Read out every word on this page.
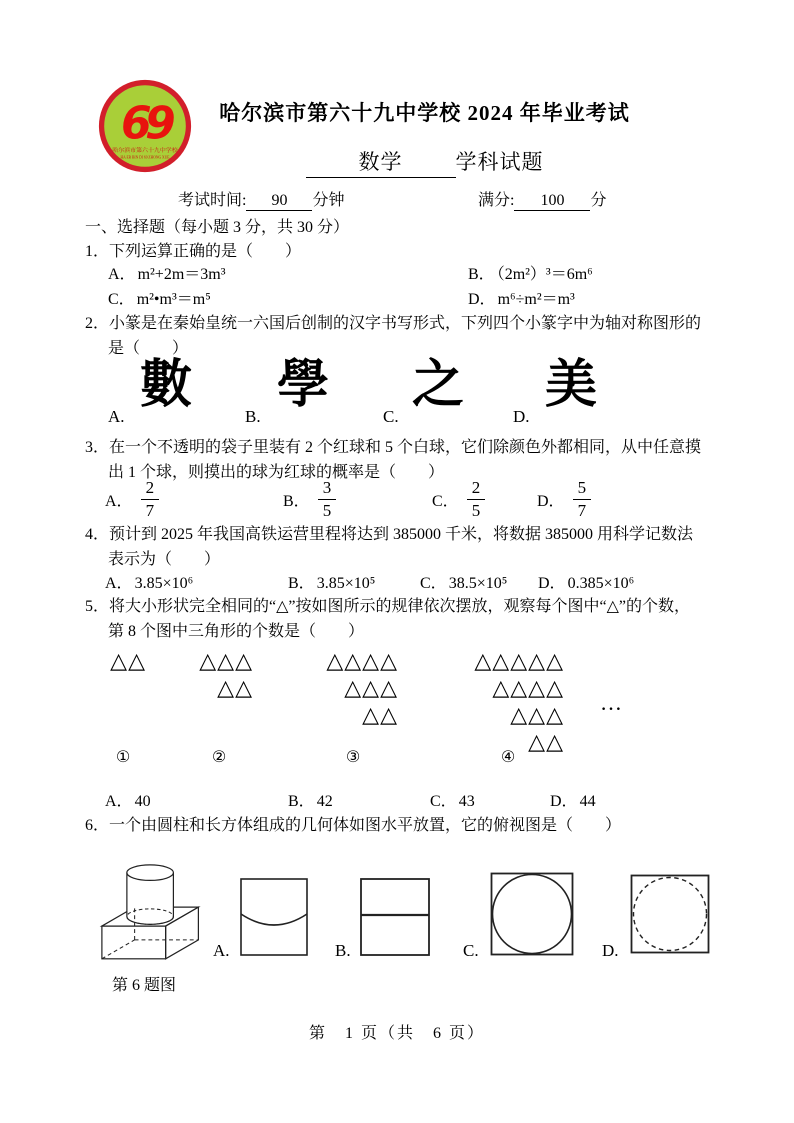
69
哈尔滨市第六十九中学校
HA ER BIN DI 69 ZHONG XUE
哈尔滨市第六十九中学校 2024 年毕业考试
数学	学科试题
考试时间: 90 分钟	满分: 100 分
一、选择题（每小题 3 分，共 30 分）
1．下列运算正确的是（　　）
A． m²+2m＝3m³	B． （2m²）³＝6m⁶
C． m²•m³＝m⁵	D． m⁶÷m²＝m³
2．小篆是在秦始皇统一六国后创制的汉字书写形式，下列四个小篆字中为轴对称图形的
是（　　）
A.
數
B.
學
C.
之
D.
美
3．在一个不透明的袋子里装有 2 个红球和 5 个白球，它们除颜色外都相同，从中任意摸
出 1 个球，则摸出的球为红球的概率是（　　）
A． $\frac{2}{7}$	B． $\frac{3}{5}$	C． $\frac{2}{5}$	D． $\frac{5}{7}$
4．预计到 2025 年我国高铁运营里程将达到 385000 千米，将数据 385000 用科学记数法
表示为（　　）
A． 3.85×10⁶	B． 3.85×10⁵	C． 38.5×10⁵ D． 0.385×10⁶
5．将大小形状完全相同的“△”按如图所示的规律依次摆放，观察每个图中“△”的个数，
第 8 个图中三角形的个数是（　　）
△△
①
△△△
△△
②
△△△△
△△△
△△
③
△△△△△
△△△△
△△△
△△
④
…
A． 40	B． 42	C． 43	D． 44
6．一个由圆柱和长方体组成的几何体如图水平放置，它的俯视图是（　　）
第 6 题图
A.	B.	C.	D.
第　1 页（共　6 页）
